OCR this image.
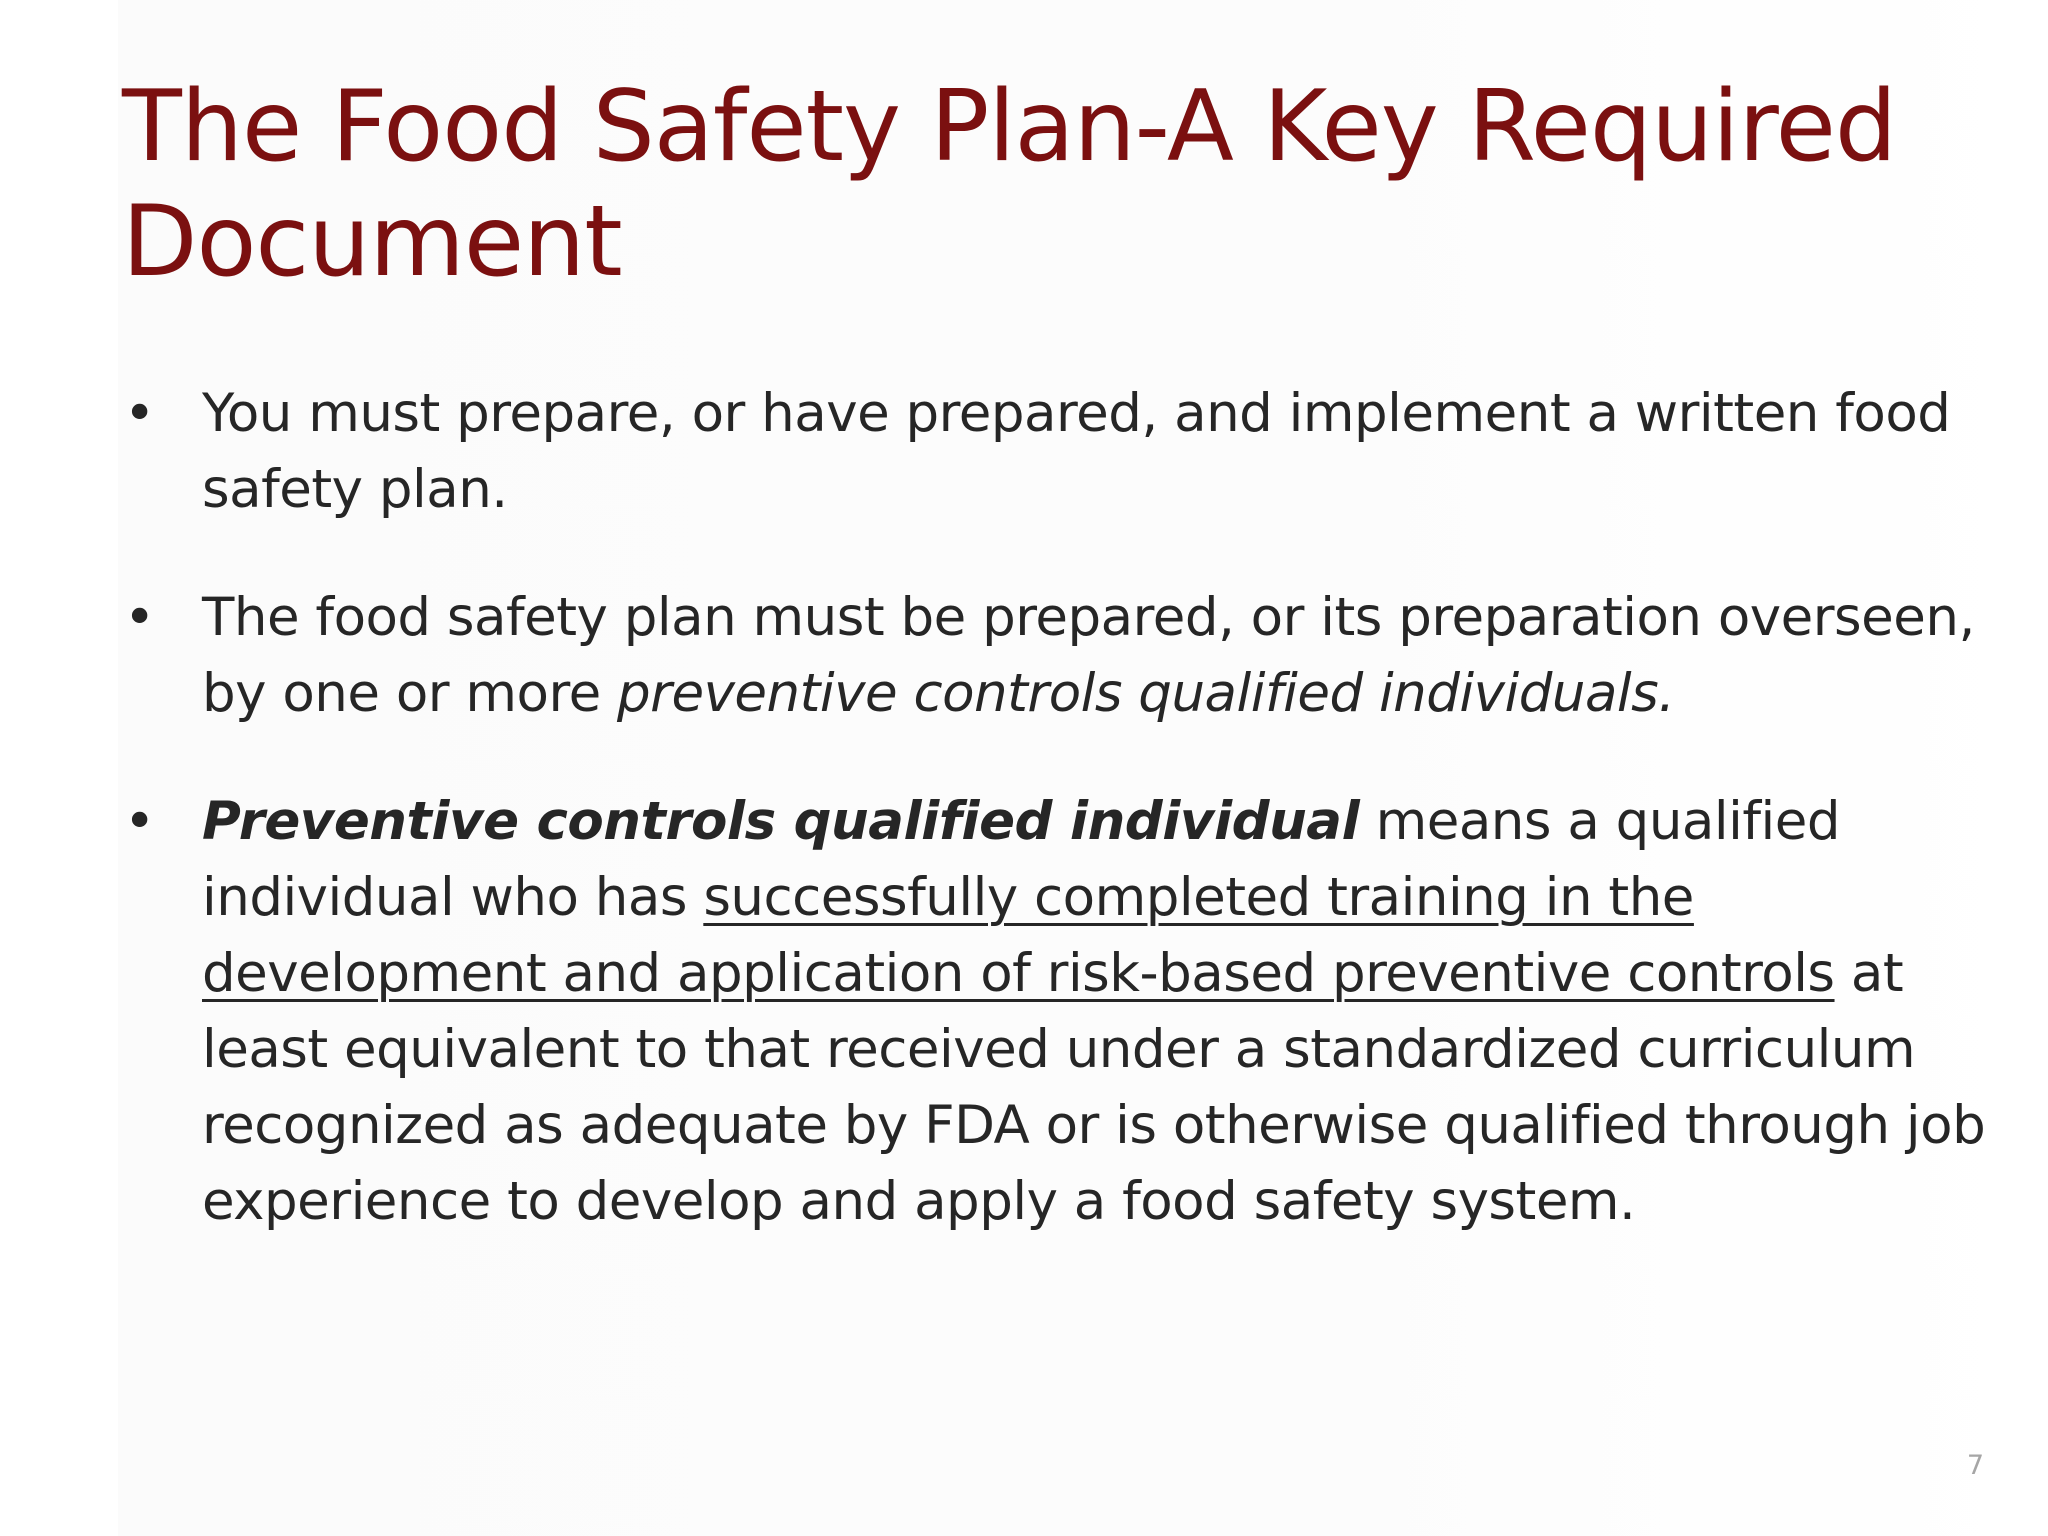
The Food Safety Plan-A Key Required Document
• You must prepare, or have prepared, and implement a written food safety plan.
• The food safety plan must be prepared, or its preparation overseen, by one or more preventive controls qualified individuals.
• Preventive controls qualified individual means a qualified individual who has successfully completed training in the development and application of risk-based preventive controls at least equivalent to that received under a standardized curriculum recognized as adequate by FDA or is otherwise qualified through job experience to develop and apply a food safety system.
7
